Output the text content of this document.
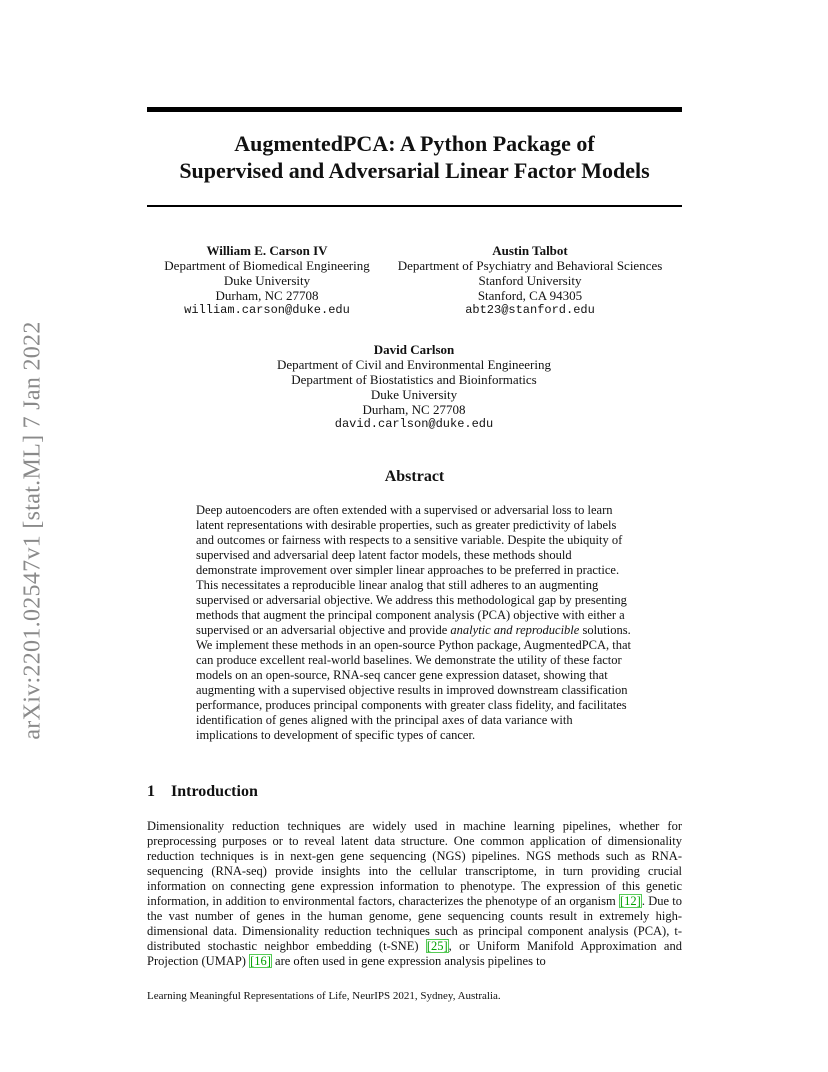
arXiv:2201.02547v1 [stat.ML] 7 Jan 2022
AugmentedPCA: A Python Package of
Supervised and Adversarial Linear Factor Models
William E. Carson IV
Department of Biomedical Engineering
Duke University
Durham, NC 27708
william.carson@duke.edu
Austin Talbot
Department of Psychiatry and Behavioral Sciences
Stanford University
Stanford, CA 94305
abt23@stanford.edu
David Carlson
Department of Civil and Environmental Engineering
Department of Biostatistics and Bioinformatics
Duke University
Durham, NC 27708
david.carlson@duke.edu
Abstract

Deep autoencoders are often extended with a supervised or adversarial loss to learn latent representations with desirable properties, such as greater predictivity of labels and outcomes or fairness with respects to a sensitive variable. Despite the ubiquity of supervised and adversarial deep latent factor models, these methods should demonstrate improvement over simpler linear approaches to be preferred in practice. This necessitates a reproducible linear analog that still adheres to an augmenting supervised or adversarial objective. We address this methodological gap by presenting methods that augment the principal component analysis (PCA) objective with either a supervised or an adversarial objective and provide analytic and reproducible solutions. We implement these methods in an open-source Python package, AugmentedPCA, that can produce excellent real-world baselines. We demonstrate the utility of these factor models on an open-source, RNA-seq cancer gene expression dataset, showing that augmenting with a supervised objective results in improved downstream classification performance, produces principal components with greater class fidelity, and facilitates identification of genes aligned with the principal axes of data variance with implications to development of specific types of cancer.

1 Introduction

Dimensionality reduction techniques are widely used in machine learning pipelines, whether for preprocessing purposes or to reveal latent data structure. One common application of dimensionality reduction techniques is in next-gen gene sequencing (NGS) pipelines. NGS methods such as RNA-sequencing (RNA-seq) provide insights into the cellular transcriptome, in turn providing crucial information on connecting gene expression information to phenotype. The expression of this genetic information, in addition to environmental factors, characterizes the phenotype of an organism [12]. Due to the vast number of genes in the human genome, gene sequencing counts result in extremely high-dimensional data. Dimensionality reduction techniques such as principal component analysis (PCA), t-distributed stochastic neighbor embedding (t-SNE) [25], or Uniform Manifold Approximation and Projection (UMAP) [16] are often used in gene expression analysis pipelines to

Learning Meaningful Representations of Life, NeurIPS 2021, Sydney, Australia.
